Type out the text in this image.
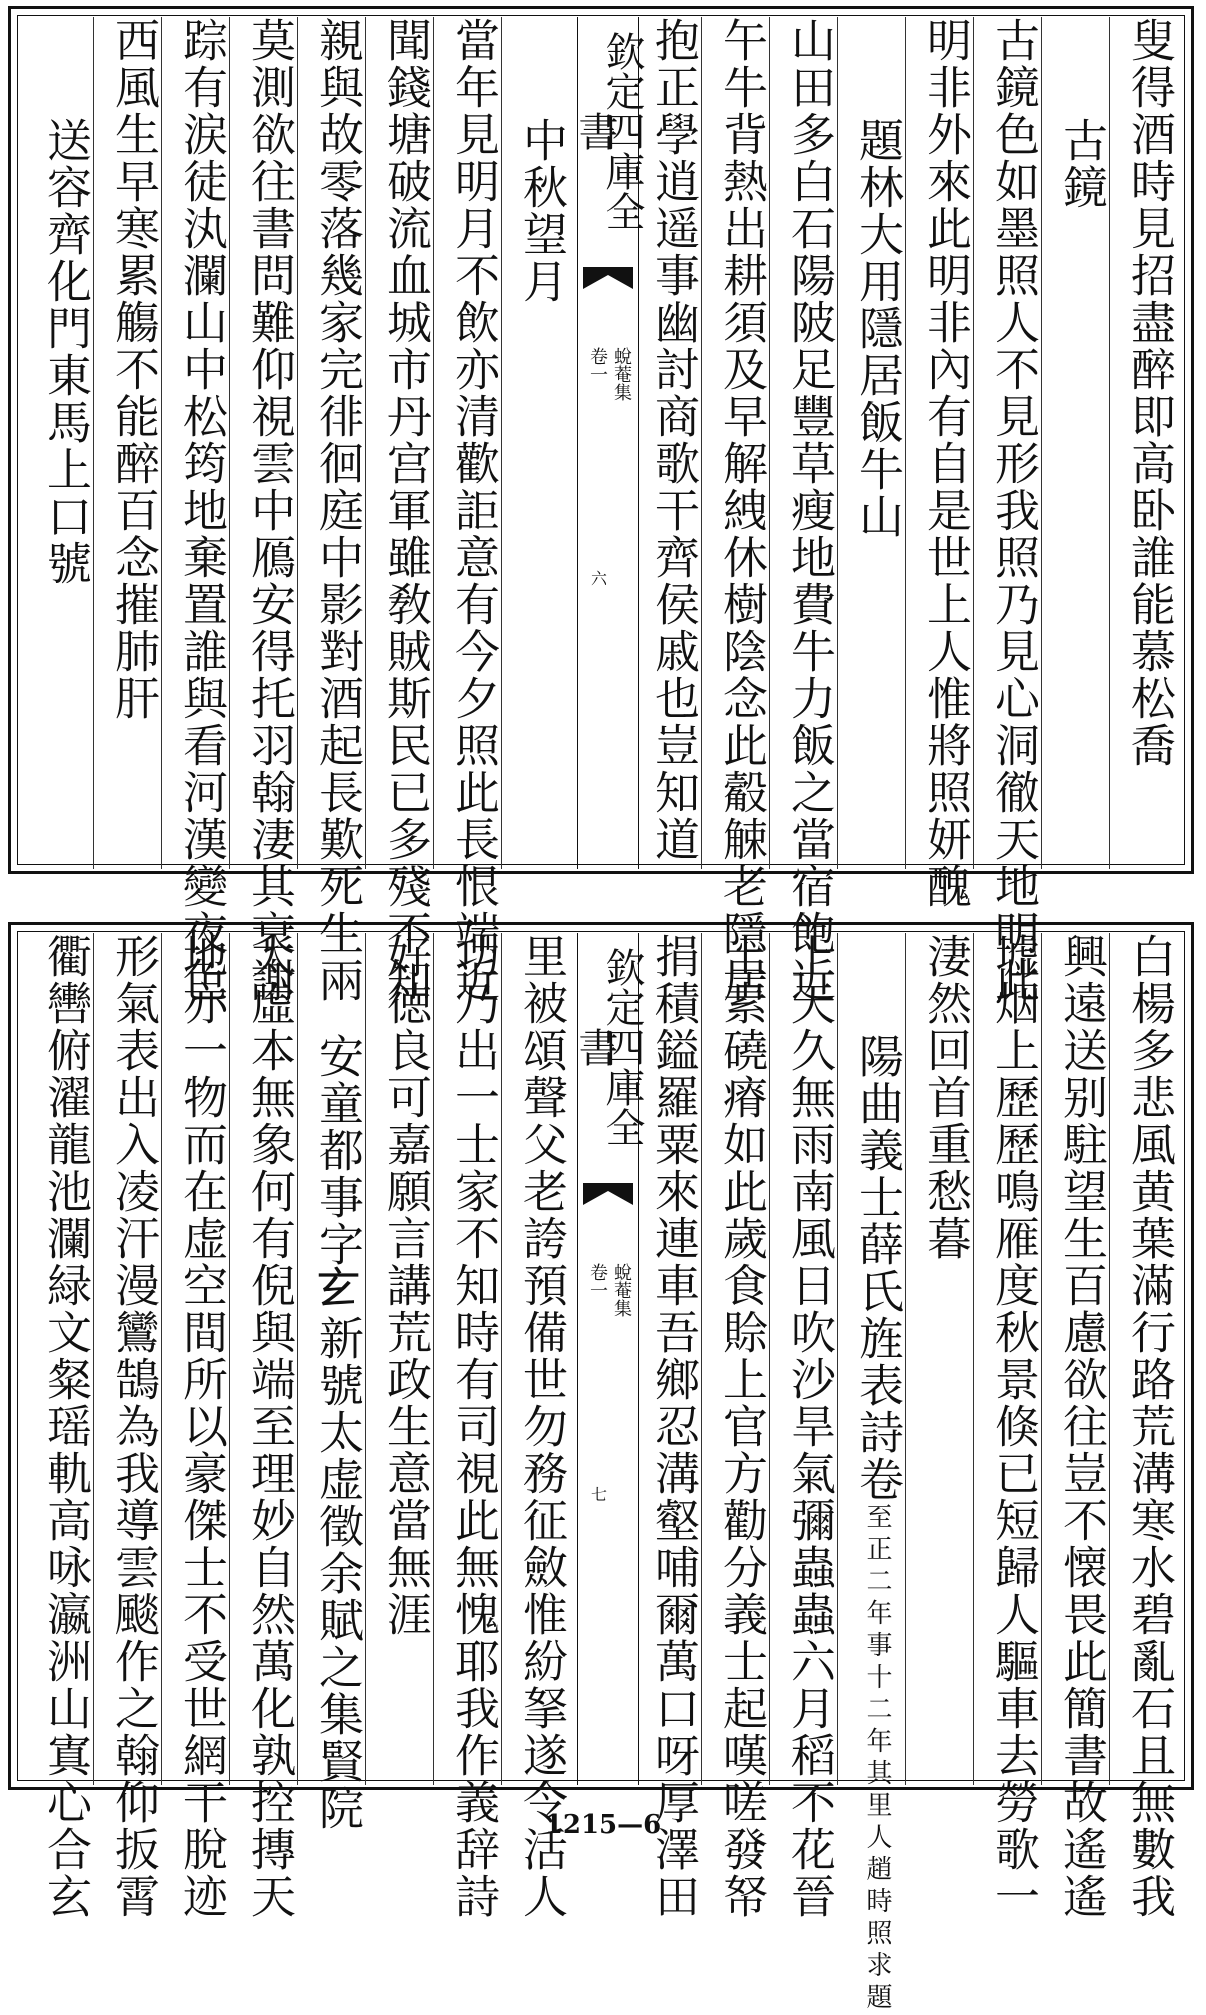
叟得酒時見招盡醉即高卧誰能慕松喬
古鏡
古鏡色如墨照人不見形我照乃見心洞徹天地明此
明非外來此明非內有自是世上人惟將照妍醜
題林大用隱居飯牛山
山田多白石陽陂足豐草瘦地費牛力飯之當宿飽近
午牛背熱出耕須及早解絏休樹陰念此觳觫老隱居
抱正學逍遥事幽討商歌干齊侯戚也豈知道
欽定四庫全書
蛻菴集
卷一
六
中秋望月
當年見明月不飲亦清歡詎意有今夕照此長恨端近
聞錢塘破流血城市丹宫軍雖敎賊斯民已多殘不知
親與故零落幾家完徘徊庭中影對酒起長歎死生兩
莫測欲往書問難仰視雲中鴈安得托羽翰淒其衰謝
踪有涙徒汍瀾山中松筠地棄置誰與看河漢變夜色
西風生早寒累觴不能醉百念摧肺肝
送容齊化門東馬上口號
白楊多悲風黄葉滿行路荒溝寒水碧亂石且無數我
興遠送别駐望生百慮欲往豈不懐畏此簡書故遙遙
墟烟上歷歷鳴雁度秋景倏已短歸人驅車去勞歌一
淒然回首重愁暮
陽曲義士薛氏旌表詩卷至正二年事十二年其里人趙時照求題
上天久無雨南風日吹沙旱氣彌蟲蟲六月稻不花晉
土素磽瘠如此歲食賒上官方勸分義士起嘆嗟發帑
捐積鎰羅粟來連車吾鄉忍溝壑哺爾萬口呀厚澤田
欽定四庫全書
蛻菴集
卷一
七
里被頌聲父老誇預備世勿務征斂惟紛拏遂令活人
功乃出一士家不知時有司視此無愧耶我作義辞詩
好徳良可嘉願言講荒政生意當無涯
安童都事字𤣥新號太虚徵余賦之集賢院
太虛本無象何有倪與端至理妙自然萬化孰控摶天
地亦一物而在虚空間所以豪傑士不受世網干脫迹
形氣表出入凌汗漫鸞鵠為我導雲颷作之翰仰扳霄
衢轡俯濯龍池瀾緑文粲瑶軌高咏瀛洲山寘心合玄	1215—6
